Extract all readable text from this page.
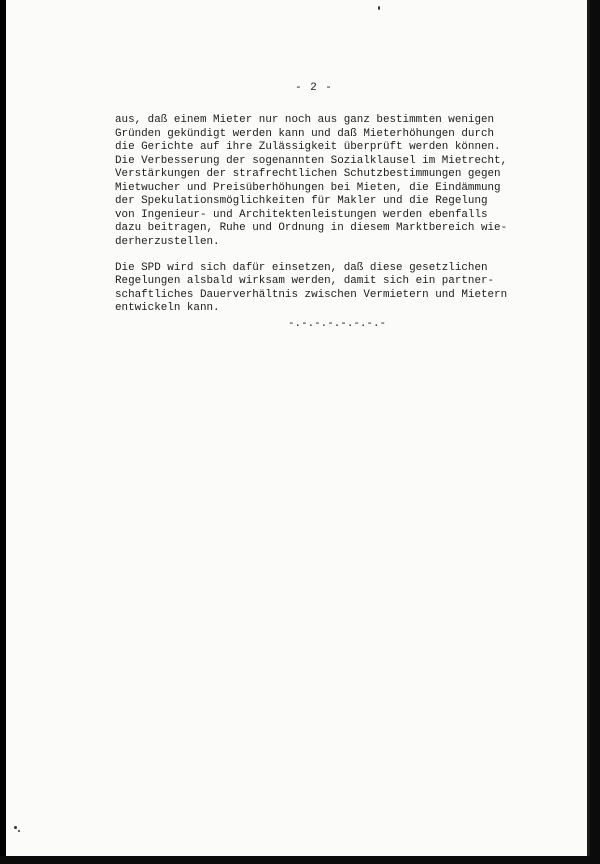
- 2 -
aus, daß einem Mieter nur noch aus ganz bestimmten wenigen
Gründen gekündigt werden kann und daß Mieterhöhungen durch
die Gerichte auf ihre Zulässigkeit überprüft werden können.
Die Verbesserung der sogenannten Sozialklausel im Mietrecht,
Verstärkungen der strafrechtlichen Schutzbestimmungen gegen
Mietwucher und Preisüberhöhungen bei Mieten, die Eindämmung
der Spekulationsmöglichkeiten für Makler und die Regelung
von Ingenieur- und Architektenleistungen werden ebenfalls
dazu beitragen, Ruhe und Ordnung in diesem Marktbereich wie-
derherzustellen.
Die SPD wird sich dafür einsetzen, daß diese gesetzlichen
Regelungen alsbald wirksam werden, damit sich ein partner-
schaftliches Dauerverhältnis zwischen Vermietern und Mietern
entwickeln kann.
-.-.-.-.-.-.-.-
